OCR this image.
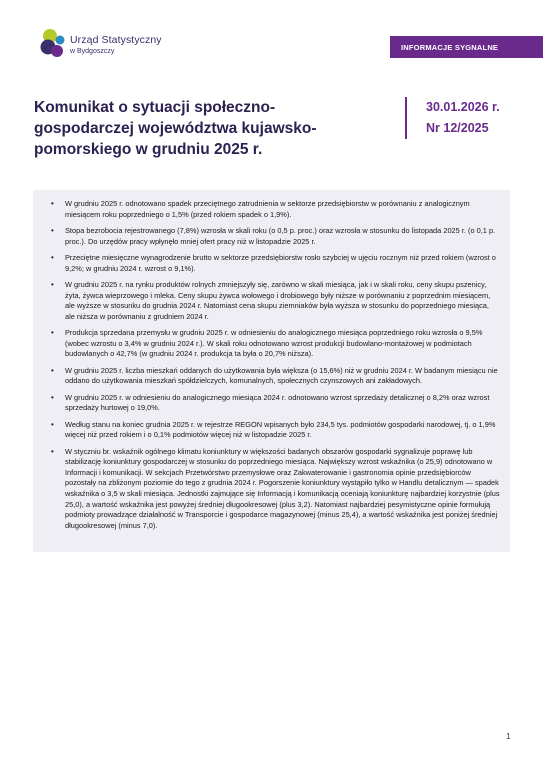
Urząd Statystyczny
w Bydgoszczy	INFORMACJE SYGNALNE
Komunikat o sytuacji społeczno-gospodarczej województwa kujawsko-pomorskiego w grudniu 2025 r.
30.01.2026 r.
Nr 12/2025
• W grudniu 2025 r. odnotowano spadek przeciętnego zatrudnienia w sektorze przedsiębiorstw w porównaniu z analogicznym miesiącem roku poprzedniego o 1,5% (przed rokiem spadek o 1,9%).
• Stopa bezrobocia rejestrowanego (7,8%) wzrosła w skali roku (o 0,5 p. proc.) oraz wzrosła w stosunku do listopada 2025 r. (o 0,1 p. proc.). Do urzędów pracy wpłynęło mniej ofert pracy niż w listopadzie 2025 r.
• Przeciętne miesięczne wynagrodzenie brutto w sektorze przedsiębiorstw rosło szybciej w ujęciu rocznym niż przed rokiem (wzrost o 9,2%; w grudniu 2024 r. wzrost o 9,1%).
• W grudniu 2025 r. na rynku produktów rolnych zmniejszyły się, zarówno w skali miesiąca, jak i w skali roku, ceny skupu pszenicy, żyta, żywca wieprzowego i mleka. Ceny skupu żywca wołowego i drobiowego były niższe w porównaniu z poprzednim miesiącem, ale wyższe w stosunku do grudnia 2024 r. Natomiast cena skupu ziemniaków była wyższa w stosunku do poprzedniego miesiąca, ale niższa w porównaniu z grudniem 2024 r.
• Produkcja sprzedana przemysłu w grudniu 2025 r. w odniesieniu do analogicznego miesiąca poprzedniego roku wzrosła o 9,5% (wobec wzrostu o 3,4% w grudniu 2024 r.). W skali roku odnotowano wzrost produkcji budowlano-montażowej w podmiotach budowlanych o 42,7% (w grudniu 2024 r. produkcja ta była o 20,7% niższa).
• W grudniu 2025 r. liczba mieszkań oddanych do użytkowania była większa (o 15,6%) niż w grudniu 2024 r. W badanym miesiącu nie oddano do użytkowania mieszkań spółdzielczych, komunalnych, społecznych czynszowych ani zakładowych.
• W grudniu 2025 r. w odniesieniu do analogicznego miesiąca 2024 r. odnotowano wzrost sprzedaży detalicznej o 8,2% oraz wzrost sprzedaży hurtowej o 19,0%.
• Według stanu na koniec grudnia 2025 r. w rejestrze REGON wpisanych było 234,5 tys. podmiotów gospodarki narodowej, tj. o 1,9% więcej niż przed rokiem i o 0,1% podmiotów więcej niż w listopadzie 2025 r.
• W styczniu br. wskaźnik ogólnego klimatu koniunktury w większości badanych obszarów gospodarki sygnalizuje poprawę lub stabilizację koniunktury gospodarczej w stosunku do poprzedniego miesiąca. Największy wzrost wskaźnika (o 25,9) odnotowano w Informacji i komunikacji. W sekcjach Przetwórstwo przemysłowe oraz Zakwaterowanie i gastronomia opinie przedsiębiorców pozostały na zbliżonym poziomie do tego z grudnia 2024 r. Pogorszenie koniunktury wystąpiło tylko w Handlu detalicznym — spadek wskaźnika o 3,5 w skali miesiąca. Jednostki zajmujące się Informacją i komunikacją oceniają koniunkturę najbardziej korzystnie (plus 25,0), a wartość wskaźnika jest powyżej średniej długookresowej (plus 3,2). Natomiast najbardziej pesymistyczne opinie formułują podmioty prowadzące działalność w Transporcie i gospodarce magazynowej (minus 25,4), a wartość wskaźnika jest poniżej średniej długookresowej (minus 7,0).
1
